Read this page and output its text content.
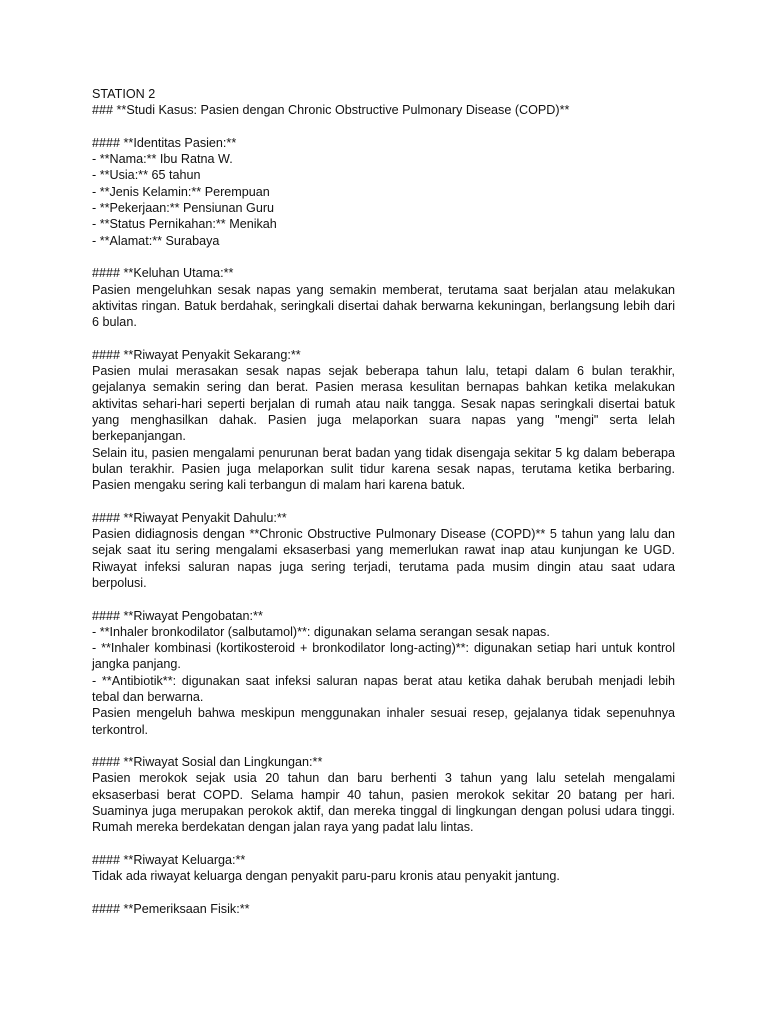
STATION 2
### **Studi Kasus: Pasien dengan Chronic Obstructive Pulmonary Disease (COPD)**
#### **Identitas Pasien:**
- **Nama:** Ibu Ratna W.
- **Usia:** 65 tahun
- **Jenis Kelamin:** Perempuan
- **Pekerjaan:** Pensiunan Guru
- **Status Pernikahan:** Menikah
- **Alamat:** Surabaya
#### **Keluhan Utama:**
Pasien mengeluhkan sesak napas yang semakin memberat, terutama saat berjalan atau melakukan aktivitas ringan. Batuk berdahak, seringkali disertai dahak berwarna kekuningan, berlangsung lebih dari 6 bulan.
#### **Riwayat Penyakit Sekarang:**
Pasien mulai merasakan sesak napas sejak beberapa tahun lalu, tetapi dalam 6 bulan terakhir, gejalanya semakin sering dan berat. Pasien merasa kesulitan bernapas bahkan ketika melakukan aktivitas sehari-hari seperti berjalan di rumah atau naik tangga. Sesak napas seringkali disertai batuk yang menghasilkan dahak. Pasien juga melaporkan suara napas yang "mengi" serta lelah berkepanjangan.
Selain itu, pasien mengalami penurunan berat badan yang tidak disengaja sekitar 5 kg dalam beberapa bulan terakhir. Pasien juga melaporkan sulit tidur karena sesak napas, terutama ketika berbaring. Pasien mengaku sering kali terbangun di malam hari karena batuk.
#### **Riwayat Penyakit Dahulu:**
Pasien didiagnosis dengan **Chronic Obstructive Pulmonary Disease (COPD)** 5 tahun yang lalu dan sejak saat itu sering mengalami eksaserbasi yang memerlukan rawat inap atau kunjungan ke UGD. Riwayat infeksi saluran napas juga sering terjadi, terutama pada musim dingin atau saat udara berpolusi.
#### **Riwayat Pengobatan:**
- **Inhaler bronkodilator (salbutamol)**: digunakan selama serangan sesak napas.
- **Inhaler kombinasi (kortikosteroid + bronkodilator long-acting)**: digunakan setiap hari untuk kontrol jangka panjang.
- **Antibiotik**: digunakan saat infeksi saluran napas berat atau ketika dahak berubah menjadi lebih tebal dan berwarna.
Pasien mengeluh bahwa meskipun menggunakan inhaler sesuai resep, gejalanya tidak sepenuhnya terkontrol.
#### **Riwayat Sosial dan Lingkungan:**
Pasien merokok sejak usia 20 tahun dan baru berhenti 3 tahun yang lalu setelah mengalami eksaserbasi berat COPD. Selama hampir 40 tahun, pasien merokok sekitar 20 batang per hari. Suaminya juga merupakan perokok aktif, dan mereka tinggal di lingkungan dengan polusi udara tinggi. Rumah mereka berdekatan dengan jalan raya yang padat lalu lintas.
#### **Riwayat Keluarga:**
Tidak ada riwayat keluarga dengan penyakit paru-paru kronis atau penyakit jantung.
#### **Pemeriksaan Fisik:**
